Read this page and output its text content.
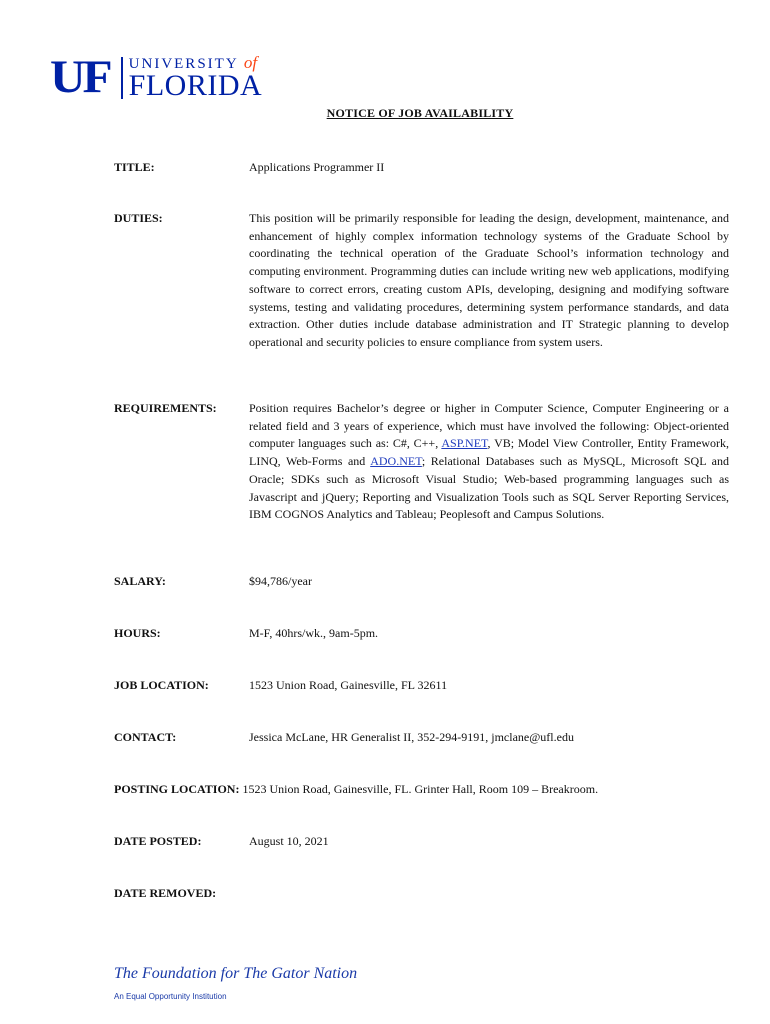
UF UNIVERSITY of
FLORIDA
NOTICE OF JOB AVAILABILITY
TITLE:	Applications Programmer II
DUTIES:	This position will be primarily responsible for leading the design, development, maintenance, and enhancement of highly complex information technology systems of the Graduate School by coordinating the technical operation of the Graduate School’s information technology and computing environment. Programming duties can include writing new web applications, modifying software to correct errors, creating custom APIs, developing, designing and modifying software systems, testing and validating procedures, determining system performance standards, and data extraction. Other duties include database administration and IT Strategic planning to develop operational and security policies to ensure compliance from system users.
REQUIREMENTS:	Position requires Bachelor’s degree or higher in Computer Science, Computer Engineering or a related field and 3 years of experience, which must have involved the following: Object-oriented computer languages such as: C#, C++, ASP.NET, VB; Model View Controller, Entity Framework, LINQ, Web-Forms and ADO.NET; Relational Databases such as MySQL, Microsoft SQL and Oracle; SDKs such as Microsoft Visual Studio; Web-based programming languages such as Javascript and jQuery; Reporting and Visualization Tools such as SQL Server Reporting Services, IBM COGNOS Analytics and Tableau; Peoplesoft and Campus Solutions.
SALARY:	$94,786/year
HOURS:	M-F, 40hrs/wk., 9am-5pm.
JOB LOCATION:	1523 Union Road, Gainesville, FL 32611
CONTACT:	Jessica McLane, HR Generalist II, 352-294-9191, jmclane@ufl.edu
POSTING LOCATION: 1523 Union Road, Gainesville, FL. Grinter Hall, Room 109 – Breakroom.
DATE POSTED:	August 10, 2021
DATE REMOVED:
The Foundation for The Gator Nation
An Equal Opportunity Institution
